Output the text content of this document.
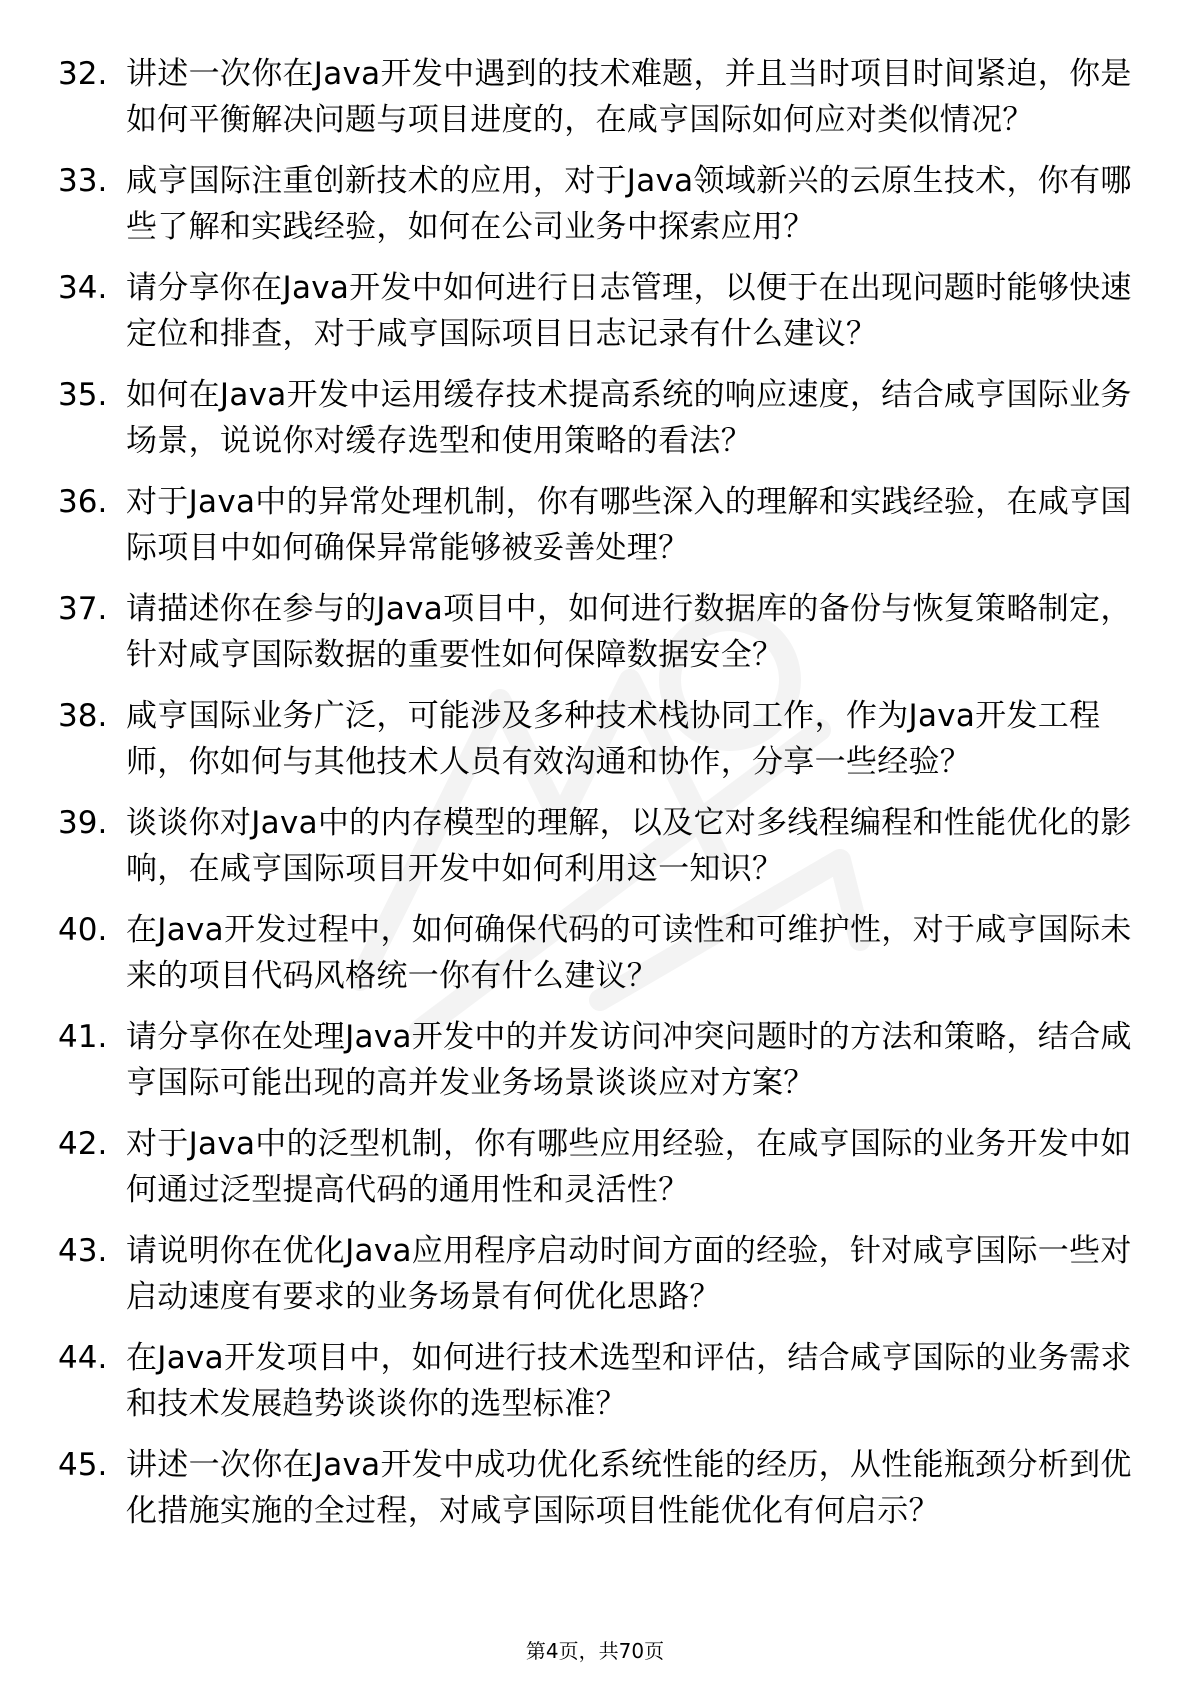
32. 讲述一次你在Java开发中遇到的技术难题，并且当时项目时间紧迫，你是如何平衡解决问题与项目进度的，在咸亨国际如何应对类似情况？
33. 咸亨国际注重创新技术的应用，对于Java领域新兴的云原生技术，你有哪些了解和实践经验，如何在公司业务中探索应用？
34. 请分享你在Java开发中如何进行日志管理，以便于在出现问题时能够快速定位和排查，对于咸亨国际项目日志记录有什么建议？
35. 如何在Java开发中运用缓存技术提高系统的响应速度，结合咸亨国际业务场景，说说你对缓存选型和使用策略的看法？
36. 对于Java中的异常处理机制，你有哪些深入的理解和实践经验，在咸亨国际项目中如何确保异常能够被妥善处理？
37. 请描述你在参与的Java项目中，如何进行数据库的备份与恢复策略制定，针对咸亨国际数据的重要性如何保障数据安全？
38. 咸亨国际业务广泛，可能涉及多种技术栈协同工作，作为Java开发工程师，你如何与其他技术人员有效沟通和协作，分享一些经验？
39. 谈谈你对Java中的内存模型的理解，以及它对多线程编程和性能优化的影响，在咸亨国际项目开发中如何利用这一知识？
40. 在Java开发过程中，如何确保代码的可读性和可维护性，对于咸亨国际未来的项目代码风格统一你有什么建议？
41. 请分享你在处理Java开发中的并发访问冲突问题时的方法和策略，结合咸亨国际可能出现的高并发业务场景谈谈应对方案？
42. 对于Java中的泛型机制，你有哪些应用经验，在咸亨国际的业务开发中如何通过泛型提高代码的通用性和灵活性？
43. 请说明你在优化Java应用程序启动时间方面的经验，针对咸亨国际一些对启动速度有要求的业务场景有何优化思路？
44. 在Java开发项目中，如何进行技术选型和评估，结合咸亨国际的业务需求和技术发展趋势谈谈你的选型标准？
45. 讲述一次你在Java开发中成功优化系统性能的经历，从性能瓶颈分析到优化措施实施的全过程，对咸亨国际项目性能优化有何启示？
第4页，共70页
